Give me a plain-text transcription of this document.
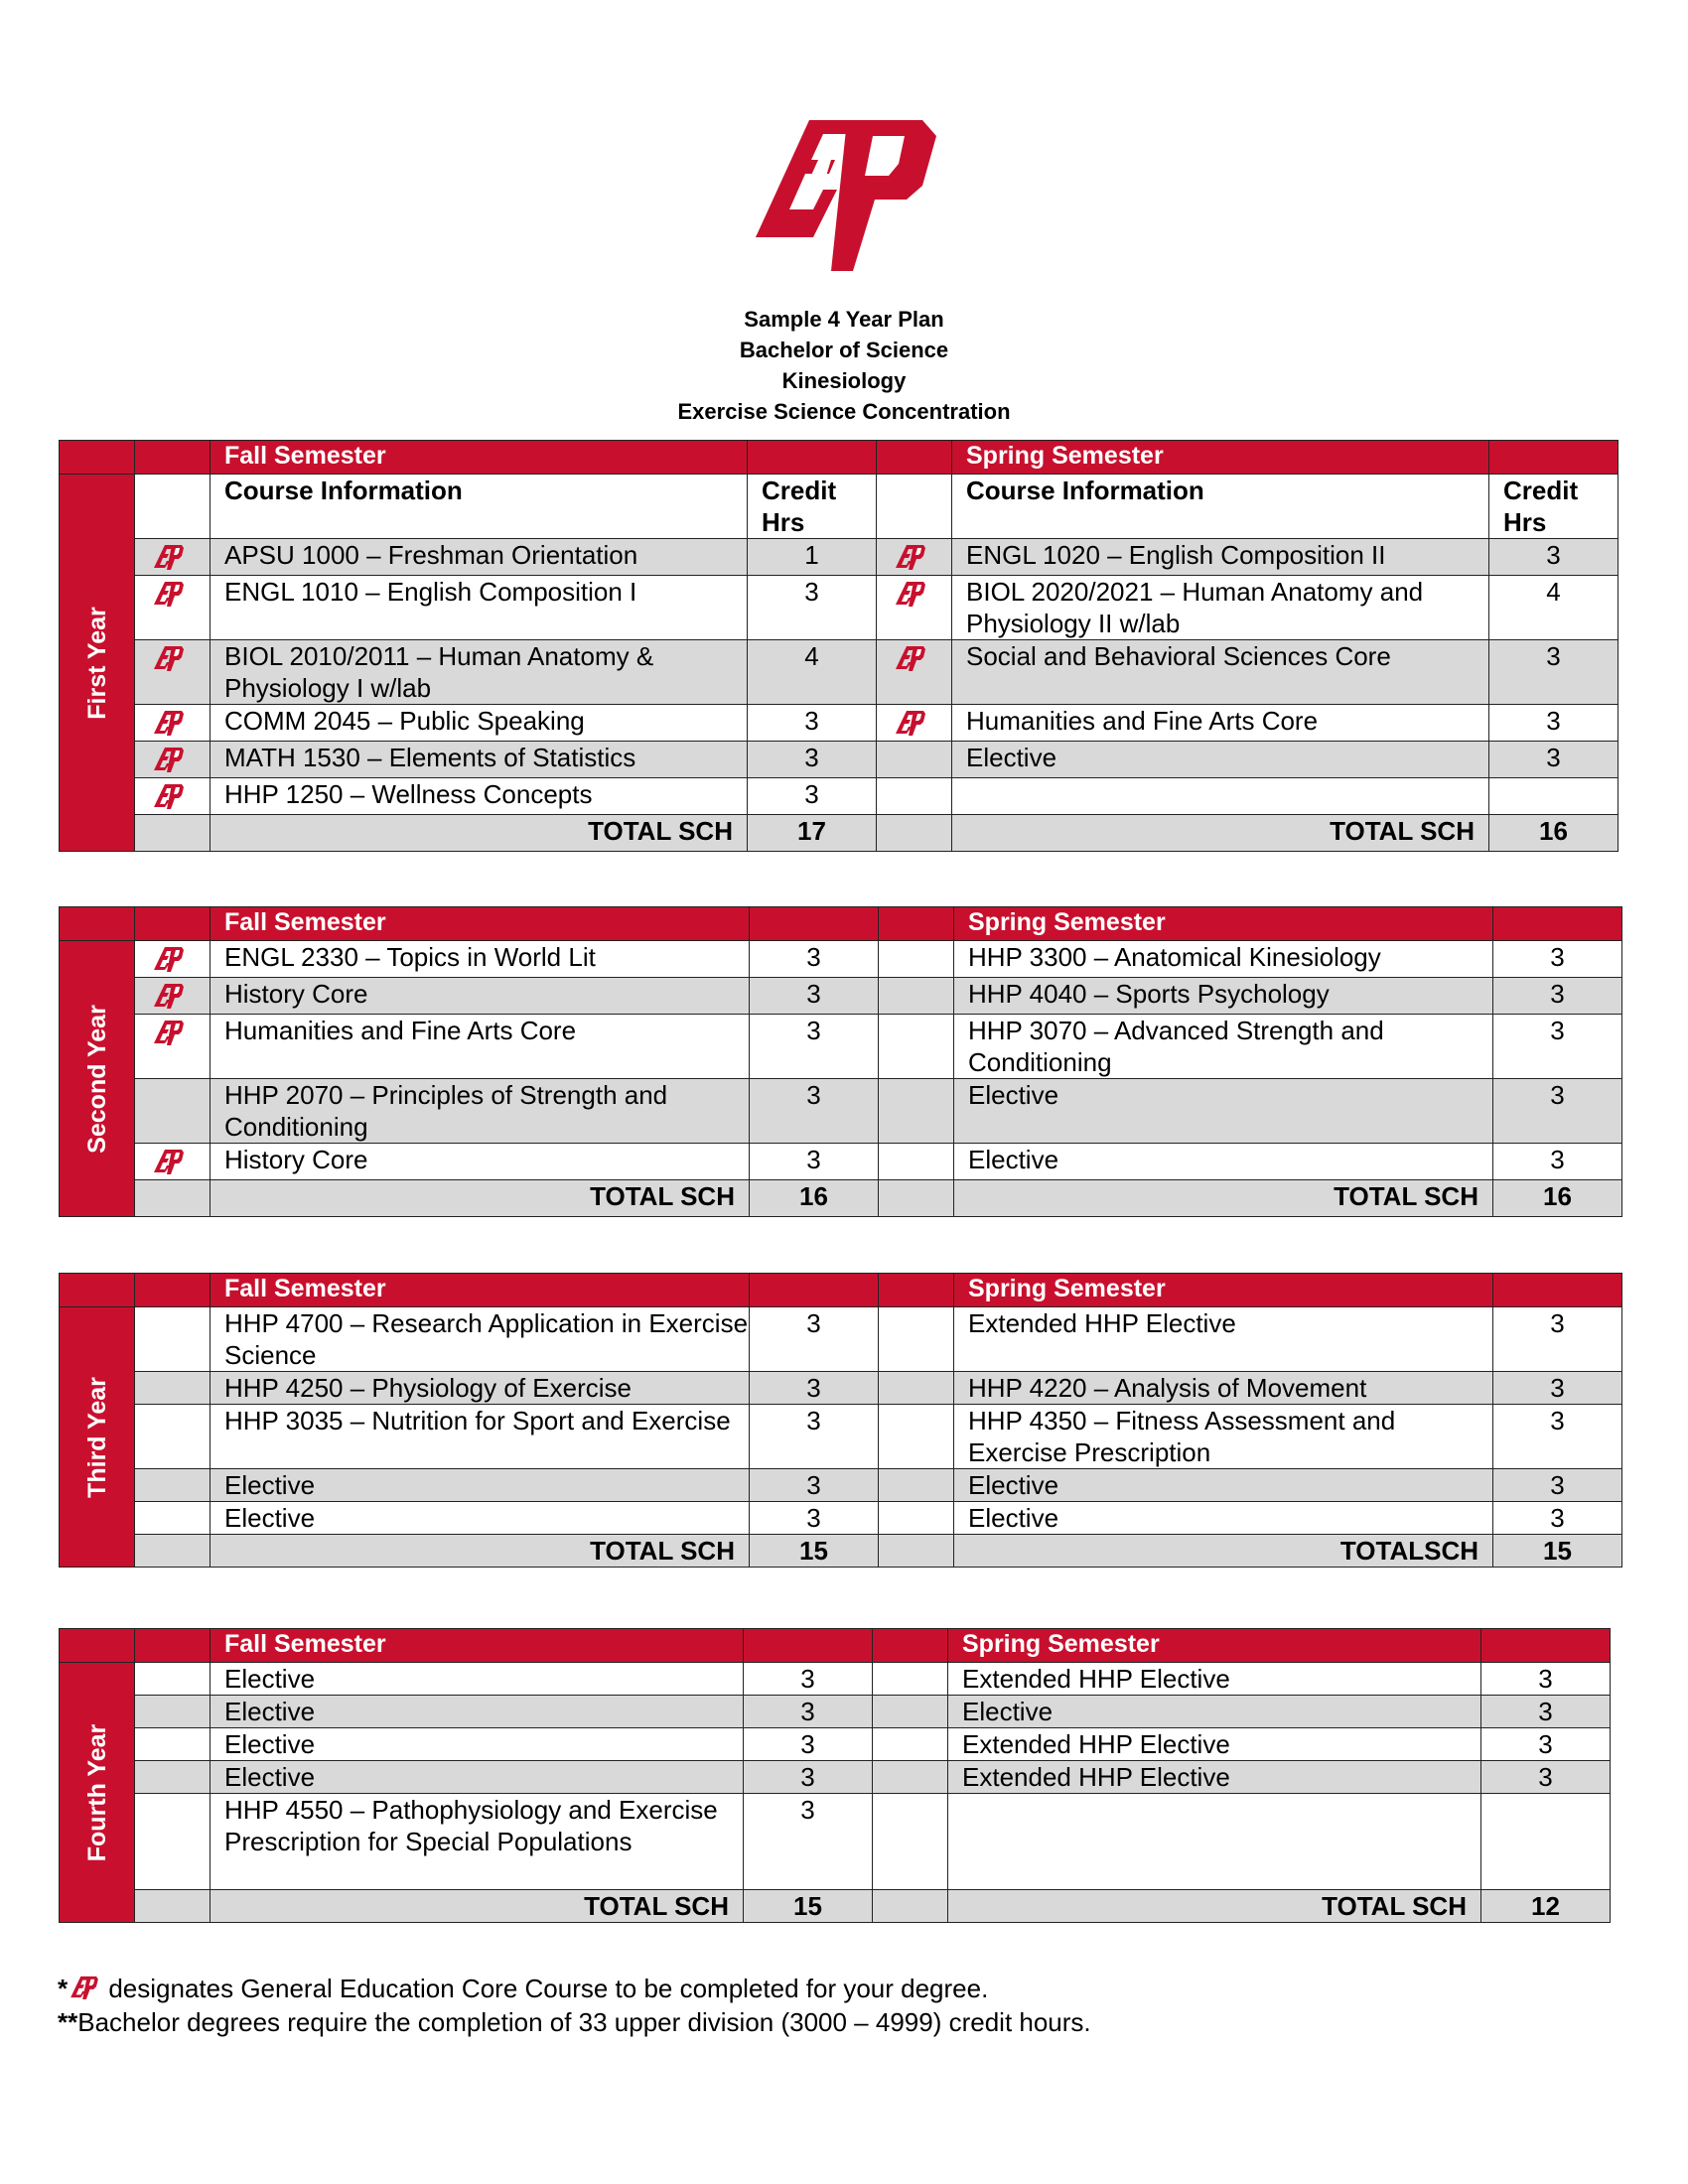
Sample 4 Year Plan
Bachelor of Science
Kinesiology
Exercise Science Concentration
		Fall Semester			Spring Semester	

First Year		Course Information	Credit Hrs		Course Information	Credit Hrs

	APSU 1000 – Freshman Orientation	1		ENGL 1020 – English Composition II	3

	ENGL 1010 – English Composition I	3		BIOL 2020/2021 – Human Anatomy and Physiology II w/lab	4

	BIOL 2010/2011 – Human Anatomy & Physiology I w/lab	4		Social and Behavioral Sciences Core	3

	COMM 2045 – Public Speaking	3		Humanities and Fine Arts Core	3

	MATH 1530 – Elements of Statistics	3		Elective	3

	HHP 1250 – Wellness Concepts	3			
		TOTAL SCH	17		TOTAL SCH	16
		Fall Semester			Spring Semester	

Second Year		ENGL 2330 – Topics in World Lit	3		HHP 3300 – Anatomical Kinesiology	3

	History Core	3		HHP 4040 – Sports Psychology	3

	Humanities and Fine Arts Core	3		HHP 3070 – Advanced Strength and Conditioning	3
		HHP 2070 – Principles of Strength and Conditioning	3		Elective	3

	History Core	3		Elective	3
		TOTAL SCH	16		TOTAL SCH	16
		Fall Semester			Spring Semester	

Third Year		HHP 4700 – Research Application in Exercise Science	3		Extended HHP Elective	3
		HHP 4250 – Physiology of Exercise	3		HHP 4220 – Analysis of Movement	3
		HHP 3035 – Nutrition for Sport and Exercise	3		HHP 4350 – Fitness Assessment and Exercise Prescription	3
		Elective	3		Elective	3
		Elective	3		Elective	3
		TOTAL SCH	15		TOTALSCH	15
		Fall Semester			Spring Semester	

Fourth Year		Elective	3		Extended HHP Elective	3
		Elective	3		Elective	3
		Elective	3		Extended HHP Elective	3
		Elective	3		Extended HHP Elective	3
		HHP 4550 – Pathophysiology and Exercise Prescription for Special Populations	3			
		TOTAL SCH	15		TOTAL SCH	12
* designates General Education Core Course to be completed for your degree.
**Bachelor degrees require the completion of 33 upper division (3000 – 4999) credit hours.
